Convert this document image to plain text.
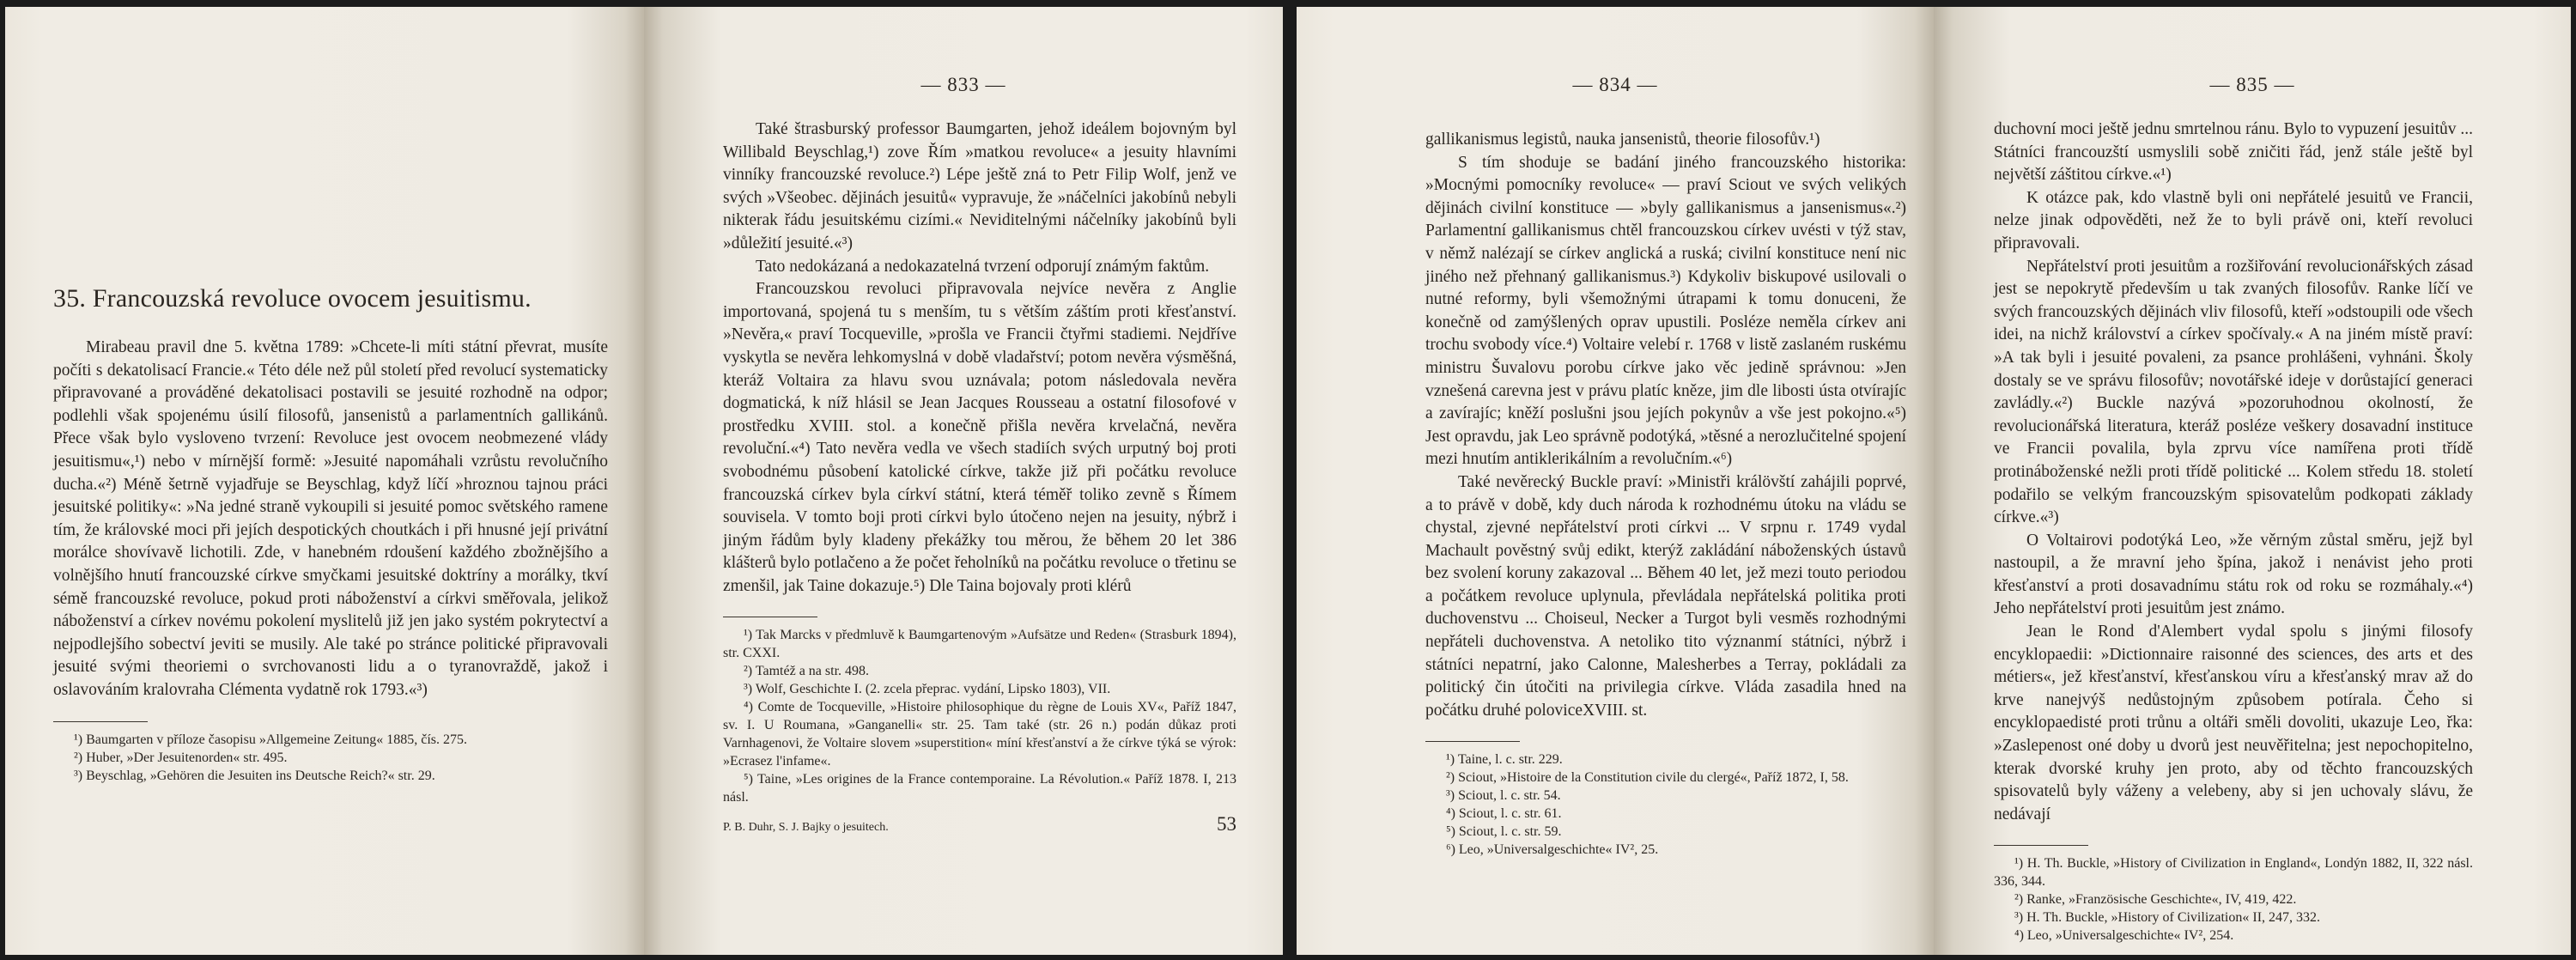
35. Francouzská revoluce ovocem jesuitismu.

Mirabeau pravil dne 5. května 1789: »Chcete-li míti státní převrat, musíte počíti s dekatolisací Francie.« Této déle než půl století před revolucí systematicky připravované a prováděné dekatolisaci postavili se jesuité rozhodně na odpor; podlehli však spojenému úsilí filosofů, jansenistů a parlamentních gallikánů. Přece však bylo vysloveno tvrzení: Revoluce jest ovocem neobmezené vlády jesuitismu«,¹) nebo v mírnější formě: »Jesuité napomáhali vzrůstu revolučního ducha.«²) Méně šetrně vyjadřuje se Beyschlag, když líčí »hroznou tajnou práci jesuitské politiky«: »Na jedné straně vykoupili si jesuité pomoc světského ramene tím, že královské moci při jejích despotických choutkách i při hnusné její privátní morálce shovívavě lichotili. Zde, v hanebném rdoušení každého zbožnějšího a volnějšího hnutí francouzské církve smyčkami jesuitské doktríny a morálky, tkví sémě francouzské revoluce, pokud proti náboženství a církvi směřovala, jelikož náboženství a církev novému pokolení myslitelů již jen jako systém pokrytectví a nejpodlejšího sobectví jeviti se musily. Ale také po stránce politické připravovali jesuité svými theoriemi o svrchovanosti lidu a o tyranovraždě, jakož i oslavováním kralovraha Clémenta vydatně rok 1793.«³)

¹) Baumgarten v příloze časopisu »Allgemeine Zeitung« 1885, čís. 275.
²) Huber, »Der Jesuitenorden« str. 495.
³) Beyschlag, »Gehören die Jesuiten ins Deutsche Reich?« str. 29.
— 833 —

Také štrasburský professor Baumgarten, jehož ideálem bojovným byl Willibald Beyschlag,¹) zove Řím »matkou revoluce« a jesuity hlavními vinníky francouzské revoluce.²) Lépe ještě zná to Petr Filip Wolf, jenž ve svých »Všeobec. dějinách jesuitů« vypravuje, že »náčelníci jakobínů nebyli nikterak řádu jesuitskému cizími.« Neviditelnými náčelníky jakobínů byli »důležití jesuité.«³)

Tato nedokázaná a nedokazatelná tvrzení odporují známým faktům.

Francouzskou revoluci připravovala nejvíce nevěra z Anglie importovaná, spojená tu s menším, tu s větším záštím proti křesťanství. »Nevěra,« praví Tocqueville, »prošla ve Francii čtyřmi stadiemi. Nejdříve vyskytla se nevěra lehkomyslná v době vladařství; potom nevěra výsměšná, kteráž Voltaira za hlavu svou uznávala; potom následovala nevěra dogmatická, k níž hlásil se Jean Jacques Rousseau a ostatní filosofové v prostředku XVIII. stol. a konečně přišla nevěra krvelačná, nevěra revoluční.«⁴) Tato nevěra vedla ve všech stadiích svých urputný boj proti svobodnému působení katolické církve, takže již při počátku revoluce francouzská církev byla církví státní, která téměř toliko zevně s Římem souvisela. V tomto boji proti církvi bylo útočeno nejen na jesuity, nýbrž i jiným řádům byly kladeny překážky tou měrou, že během 20 let 386 klášterů bylo potlačeno a že počet řeholníků na počátku revoluce o třetinu se zmenšil, jak Taine dokazuje.⁵) Dle Taina bojovaly proti klérů

¹) Tak Marcks v předmluvě k Baumgartenovým »Aufsätze und Reden« (Strasburk 1894), str. CXXI.
²) Tamtéž a na str. 498.
³) Wolf, Geschichte I. (2. zcela přeprac. vydání, Lipsko 1803), VII.
⁴) Comte de Tocqueville, »Histoire philosophique du règne de Louis XV«, Paříž 1847, sv. I. U Roumana, »Ganganelli« str. 25. Tam také (str. 26 n.) podán důkaz proti Varnhagenovi, že Voltaire slovem »superstition« míní křesťanství a že církve týká se výrok: »Ecrasez l'infame«.
⁵) Taine, »Les origines de la France contemporaine. La Révolution.« Paříž 1878. I, 213 násl.
P. B. Duhr, S. J. Bajky o jesuitech.	53
— 834 —

gallikanismus legistů, nauka jansenistů, theorie filosofův.¹)

S tím shoduje se badání jiného francouzského historika: »Mocnými pomocníky revoluce« — praví Sciout ve svých velikých dějinách civilní konstituce — »byly gallikanismus a jansenismus«.²) Parlamentní gallikanismus chtěl francouzskou církev uvésti v týž stav, v němž nalézají se církev anglická a ruská; civilní konstituce není nic jiného než přehnaný gallikanismus.³) Kdykoliv biskupové usilovali o nutné reformy, byli všemožnými útrapami k tomu donuceni, že konečně od zamýšlených oprav upustili. Posléze neměla církev ani trochu svobody více.⁴) Voltaire velebí r. 1768 v listě zaslaném ruskému ministru Šuvalovu porobu církve jako věc jedině správnou: »Jen vznešená carevna jest v právu platíc kněze, jim dle libosti ústa otvírajíc a zavírajíc; kněží poslušni jsou jejích pokynův a vše jest pokojno.«⁵) Jest opravdu, jak Leo správně podotýká, »těsné a nerozlučitelné spojení mezi hnutím antiklerikálním a revolučním.«⁶)

Také nevěrecký Buckle praví: »Ministři králövští zahájili poprvé, a to právě v době, kdy duch národa k rozhodnému útoku na vládu se chystal, zjevné nepřátelství proti církvi ... V srpnu r. 1749 vydal Machault pověstný svůj edikt, kterýž zakládání náboženských ústavů bez svolení koruny zakazoval ... Během 40 let, jež mezi touto periodou a počátkem revoluce uplynula, převládala nepřátelská politika proti duchovenstvu ... Choiseul, Necker a Turgot byli vesměs rozhodnými nepřáteli duchovenstva. A netoliko tito význanmí státníci, nýbrž i státníci nepatrní, jako Calonne, Malesherbes a Terray, pokládali za politický čin útočiti na privilegia církve. Vláda zasadila hned na počátku druhé poloviceXVIII. st.

¹) Taine, l. c. str. 229.
²) Sciout, »Histoire de la Constitution civile du clergé«, Paříž 1872, I, 58.
³) Sciout, l. c. str. 54.
⁴) Sciout, l. c. str. 61.
⁵) Sciout, l. c. str. 59.
⁶) Leo, »Universalgeschichte« IV², 25.
— 835 —

duchovní moci ještě jednu smrtelnou ránu. Bylo to vypuzení jesuitův ... Státníci francouzští usmyslili sobě zničiti řád, jenž stále ještě byl největší záštitou církve.«¹)

K otázce pak, kdo vlastně byli oni nepřátelé jesuitů ve Francii, nelze jinak odpověděti, než že to byli právě oni, kteří revoluci připravovali.

Nepřátelství proti jesuitům a rozšiřování revolucionářských zásad jest se nepokrytě především u tak zvaných filosofův. Ranke líčí ve svých francouzských dějinách vliv filosofů, kteří »odstoupili ode všech idei, na nichž království a církev spočívaly.« A na jiném místě praví: »A tak byli i jesuité povaleni, za psance prohlášeni, vyhnáni. Školy dostaly se ve správu filosofův; novotářské ideje v dorůstající generaci zavládly.«²) Buckle nazývá »pozoruhodnou okolností, že revolucionářská literatura, kteráž posléze veškery dosavadní instituce ve Francii povalila, byla zprvu více namířena proti třídě protináboženské nežli proti třídě politické ... Kolem středu 18. století podařilo se velkým francouzským spisovatelům podkopati základy církve.«³)

O Voltairovi podotýká Leo, »že věrným zůstal směru, jejž byl nastoupil, a že mravní jeho špína, jakož i nenávist jeho proti křesťanství a proti dosavadnímu státu rok od roku se rozmáhaly.«⁴) Jeho nepřátelství proti jesuitům jest známo.

Jean le Rond d'Alembert vydal spolu s jinými filosofy encyklopaedii: »Dictionnaire raisonné des sciences, des arts et des métiers«, jež křesťanství, křesťanskou víru a křesťanský mrav až do krve nanejvýš nedůstojným způsobem potírala. Čeho si encyklopaedisté proti trůnu a oltáři směli dovoliti, ukazuje Leo, řka: »Zaslepenost oné doby u dvorů jest neuvěřitelna; jest nepochopitelno, kterak dvorské kruhy jen proto, aby od těchto francouzských spisovatelů byly váženy a velebeny, aby si jen uchovaly slávu, že nedávají

¹) H. Th. Buckle, »History of Civilization in England«, Londýn 1882, II, 322 násl. 336, 344.
²) Ranke, »Französische Geschichte«, IV, 419, 422.
³) H. Th. Buckle, »History of Civilization« II, 247, 332.
⁴) Leo, »Universalgeschichte« IV², 254.
